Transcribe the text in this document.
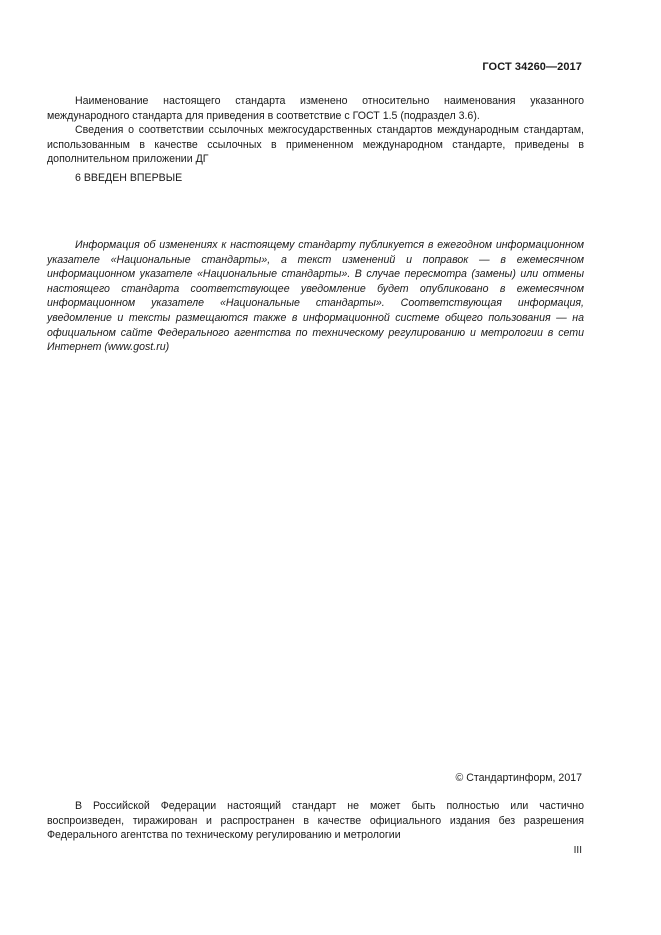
ГОСТ 34260—2017

Наименование настоящего стандарта изменено относительно наименования указанного международного стандарта для приведения в соответствие с ГОСТ 1.5 (подраздел 3.6).

Сведения о соответствии ссылочных межгосударственных стандартов международным стандартам, использованным в качестве ссылочных в примененном международном стандарте, приведены в дополнительном приложении ДГ

6 ВВЕДЕН ВПЕРВЫЕ

Информация об изменениях к настоящему стандарту публикуется в ежегодном информационном указателе «Национальные стандарты», а текст изменений и поправок — в ежемесячном информационном указателе «Национальные стандарты». В случае пересмотра (замены) или отмены настоящего стандарта соответствующее уведомление будет опубликовано в ежемесячном информационном указателе «Национальные стандарты». Соответствующая информация, уведомление и тексты размещаются также в информационной системе общего пользования — на официальном сайте Федерального агентства по техническому регулированию и метрологии в сети Интернет (www.gost.ru)

© Стандартинформ, 2017

В Российской Федерации настоящий стандарт не может быть полностью или частично воспроизведен, тиражирован и распространен в качестве официального издания без разрешения Федерального агентства по техническому регулированию и метрологии

III
